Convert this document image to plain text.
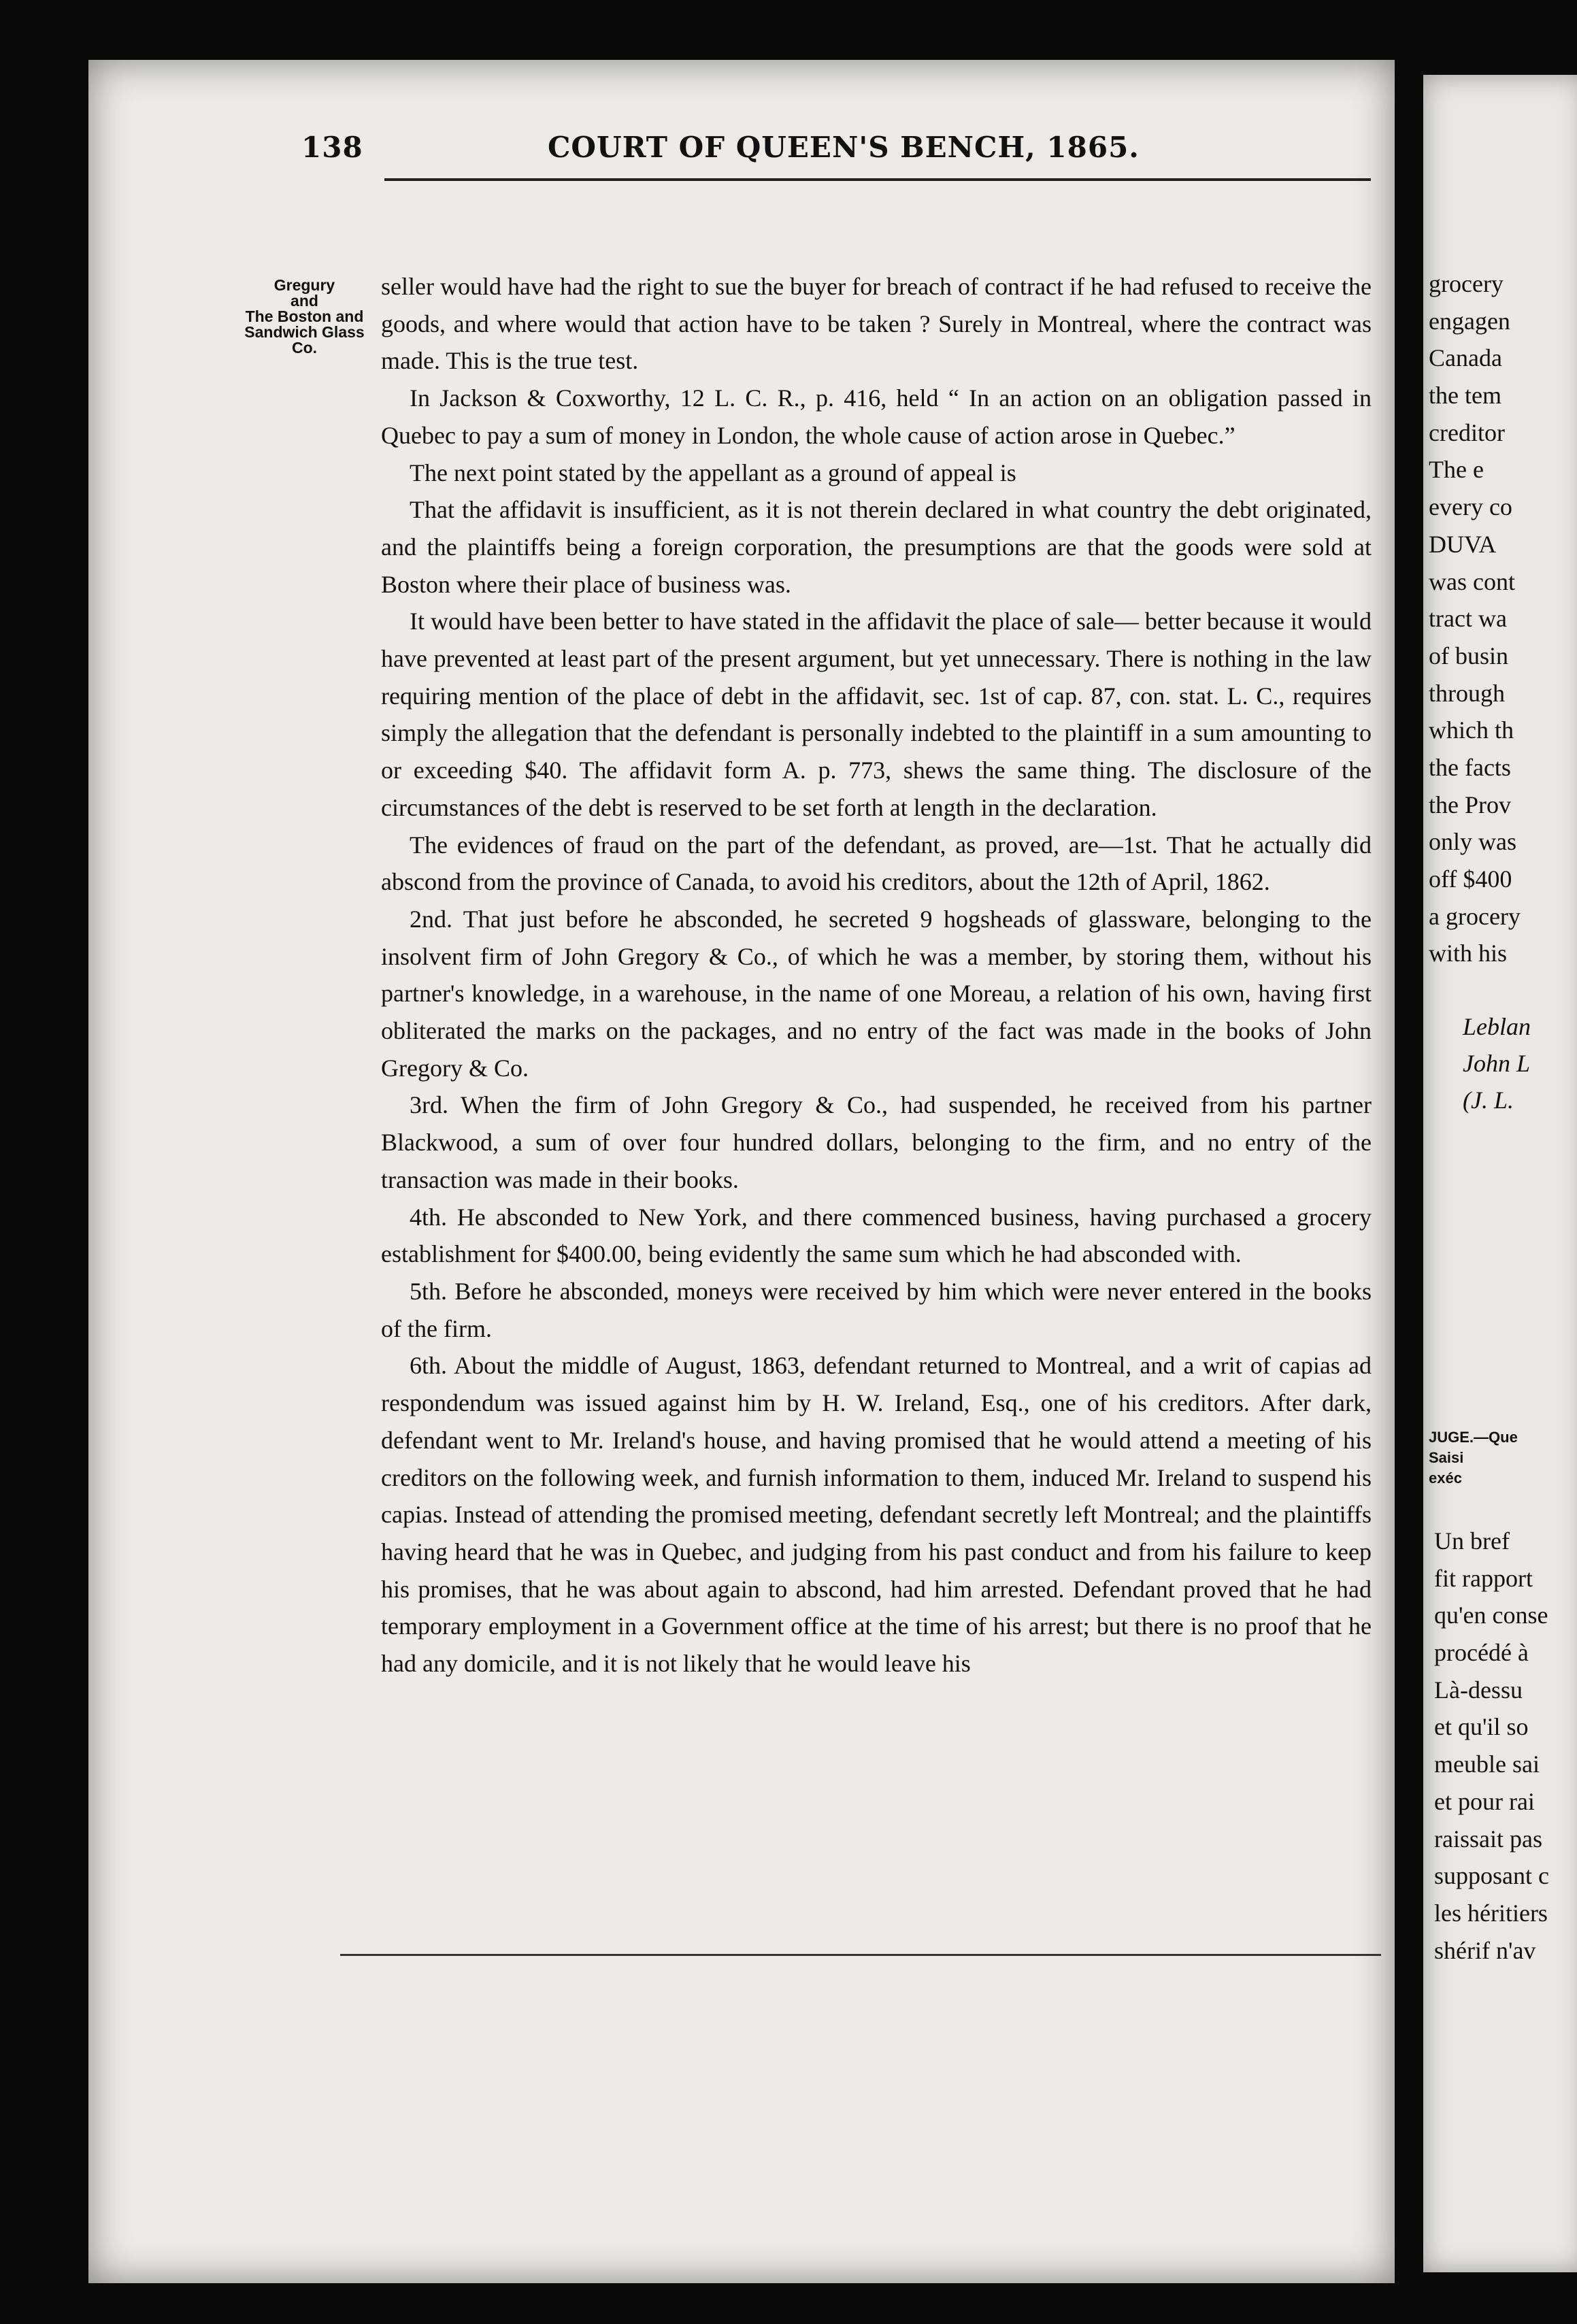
138	COURT OF QUEEN'S BENCH, 1865.
Gregury
and
The Boston and
Sandwich Glass
Co.

seller would have had the right to sue the buyer for breach of contract if he had refused to receive the goods, and where would that action have to be taken ? Surely in Montreal, where the contract was made. This is the true test.

In Jackson & Coxworthy, 12 L. C. R., p. 416, held “ In an action on an obligation passed in Quebec to pay a sum of money in London, the whole cause of action arose in Quebec.”

The next point stated by the appellant as a ground of appeal is

That the affidavit is insufficient, as it is not therein declared in what country the debt originated, and the plaintiffs being a foreign corporation, the presumptions are that the goods were sold at Boston where their place of business was.

It would have been better to have stated in the affidavit the place of sale— better because it would have prevented at least part of the present argument, but yet unnecessary. There is nothing in the law requiring mention of the place of debt in the affidavit, sec. 1st of cap. 87, con. stat. L. C., requires simply the allegation that the defendant is personally indebted to the plaintiff in a sum amounting to or exceeding $40. The affidavit form A. p. 773, shews the same thing. The disclosure of the circumstances of the debt is reserved to be set forth at length in the declaration.

The evidences of fraud on the part of the defendant, as proved, are—1st. That he actually did abscond from the province of Canada, to avoid his creditors, about the 12th of April, 1862.

2nd. That just before he absconded, he secreted 9 hogsheads of glassware, belonging to the insolvent firm of John Gregory & Co., of which he was a member, by storing them, without his partner's knowledge, in a warehouse, in the name of one Moreau, a relation of his own, having first obliterated the marks on the packages, and no entry of the fact was made in the books of John Gregory & Co.

3rd. When the firm of John Gregory & Co., had suspended, he received from his partner Blackwood, a sum of over four hundred dollars, belonging to the firm, and no entry of the transaction was made in their books.

4th. He absconded to New York, and there commenced business, having purchased a grocery establishment for $400.00, being evidently the same sum which he had absconded with.

5th. Before he absconded, moneys were received by him which were never entered in the books of the firm.

6th. About the middle of August, 1863, defendant returned to Montreal, and a writ of capias ad respondendum was issued against him by H. W. Ireland, Esq., one of his creditors. After dark, defendant went to Mr. Ireland's house, and having promised that he would attend a meeting of his creditors on the following week, and furnish information to them, induced Mr. Ireland to suspend his capias. Instead of attending the promised meeting, defendant secretly left Montreal; and the plaintiffs having heard that he was in Quebec, and judging from his past conduct and from his failure to keep his promises, that he was about again to abscond, had him arrested. Defendant proved that he had temporary employment in a Government office at the time of his arrest; but there is no proof that he had any domicile, and it is not likely that he would leave his

grocery
engagen
Canada
the tem
creditor
The e
every co
DUVA
was cont
tract wa
of busin
through
which th
the facts
the Prov
only was
off $400
a grocery
with his
Leblan
John L
(J. L.
JUGE.—Que
Saisi
exéc
Un bref
fit rapport
qu'en conse
procédé à
Là-dessu
et qu'il so
meuble sai
et pour rai
raissait pas
supposant c
les héritiers
shérif n'av
